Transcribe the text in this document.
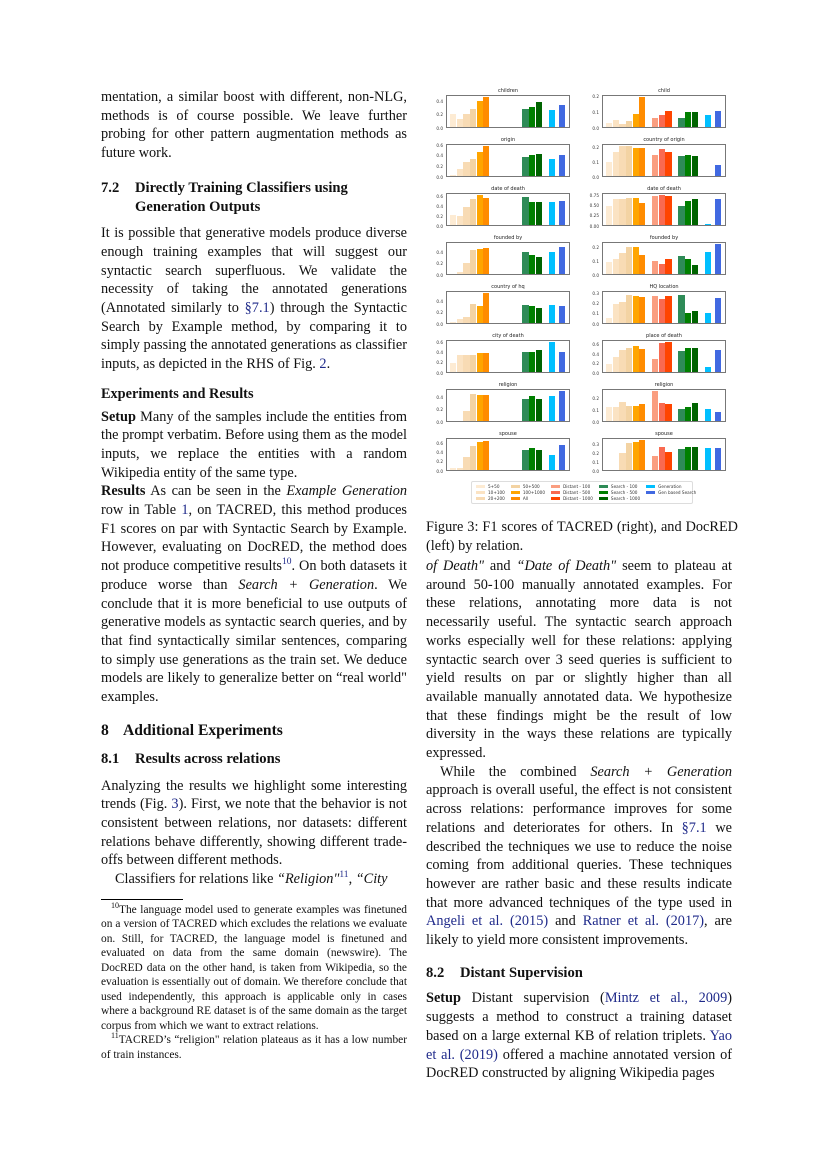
mentation, a similar boost with different, non-NLG, methods is of course possible. We leave further probing for other pattern augmentation methods as future work.

7.2	Directly Training Classifiers using Generation Outputs

It is possible that generative models produce diverse enough training examples that will suggest our syntactic search superfluous. We validate the necessity of taking the annotated generations (Annotated similarly to §7.1) through the Syntactic Search by Example method, by comparing it to simply passing the annotated generations as classifier inputs, as depicted in the RHS of Fig. 2.

Experiments and Results

Setup Many of the samples include the entities from the prompt verbatim. Before using them as the model inputs, we replace the entities with a random Wikipedia entity of the same type.

Results As can be seen in the Example Generation row in Table 1, on TACRED, this method produces F1 scores on par with Syntactic Search by Example. However, evaluating on DocRED, the method does not produce competitive results$^{10}$. On both datasets it produce worse than Search + Generation. We conclude that it is more beneficial to use outputs of generative models as syntactic search queries, and by that find syntactically similar sentences, comparing to simply use generations as the train set. We deduce models are likely to generalize better on “real world" examples.

8 Additional Experiments
8.1	Results across relations

Analyzing the results we highlight some interesting trends (Fig. 3). First, we note that the behavior is not consistent between relations, nor datasets: different relations behave differently, showing different trade-offs between different methods.

Classifiers for relations like “Religion"$^{11}$, “City

$^{10}$The language model used to generate examples was finetuned on a version of TACRED which excludes the relations we evaluate on. Still, for TACRED, the language model is finetuned and evaluated on data from the same domain (newswire). The DocRED data on the other hand, is taken from Wikipedia, so the evaluation is essentially out of domain. We therefore conclude that used independently, this approach is applicable only in cases where a background RE dataset is of the same domain as the target corpus from which we want to extract relations.

$^{11}$TACRED’s “religion" relation plateaus as it has a low number of train instances.

children
0.0
0.2
0.4
child
0.0
0.1
0.2
origin
0.0
0.2
0.4
0.6
country of origin
0.0
0.1
0.2
date of death
0.0
0.2
0.4
0.6
date of death
0.00
0.25
0.50
0.75
founded by
0.0
0.2
0.4
founded by
0.0
0.1
0.2
country of hq
0.0
0.2
0.4
HQ location
0.0
0.1
0.2
0.3
city of death
0.0
0.2
0.4
0.6
place of death
0.0
0.2
0.4
0.6
religion
0.0
0.2
0.4
religion
0.0
0.1
0.2
spouse
0.0
0.2
0.4
0.6
spouse
0.0
0.1
0.2
0.3
5+50	50+500	Distant - 100	Search - 100	Generation
10+100	100+1000	Distant - 500	Search - 500	Gen based Search
20+200	All	Distant - 1000	Search - 1000

Figure 3: F1 scores of TACRED (right), and DocRED (left) by relation.

of Death" and “Date of Death" seem to plateau at around 50-100 manually annotated examples. For these relations, annotating more data is not necessarily useful. The syntactic search approach works especially well for these relations: applying syntactic search over 3 seed queries is sufficient to yield results on par or slightly higher than all available manually annotated data. We hypothesize that these findings might be the result of low diversity in the ways these relations are typically expressed.

While the combined Search + Generation approach is overall useful, the effect is not consistent across relations: performance improves for some relations and deteriorates for others. In §7.1 we described the techniques we use to reduce the noise coming from additional queries. These techniques however are rather basic and these results indicate that more advanced techniques of the type used in Angeli et al. (2015) and Ratner et al. (2017), are likely to yield more consistent improvements.

8.2	Distant Supervision

Setup Distant supervision (Mintz et al., 2009) suggests a method to construct a training dataset based on a large external KB of relation triplets. Yao et al. (2019) offered a machine annotated version of DocRED constructed by aligning Wikipedia pages
